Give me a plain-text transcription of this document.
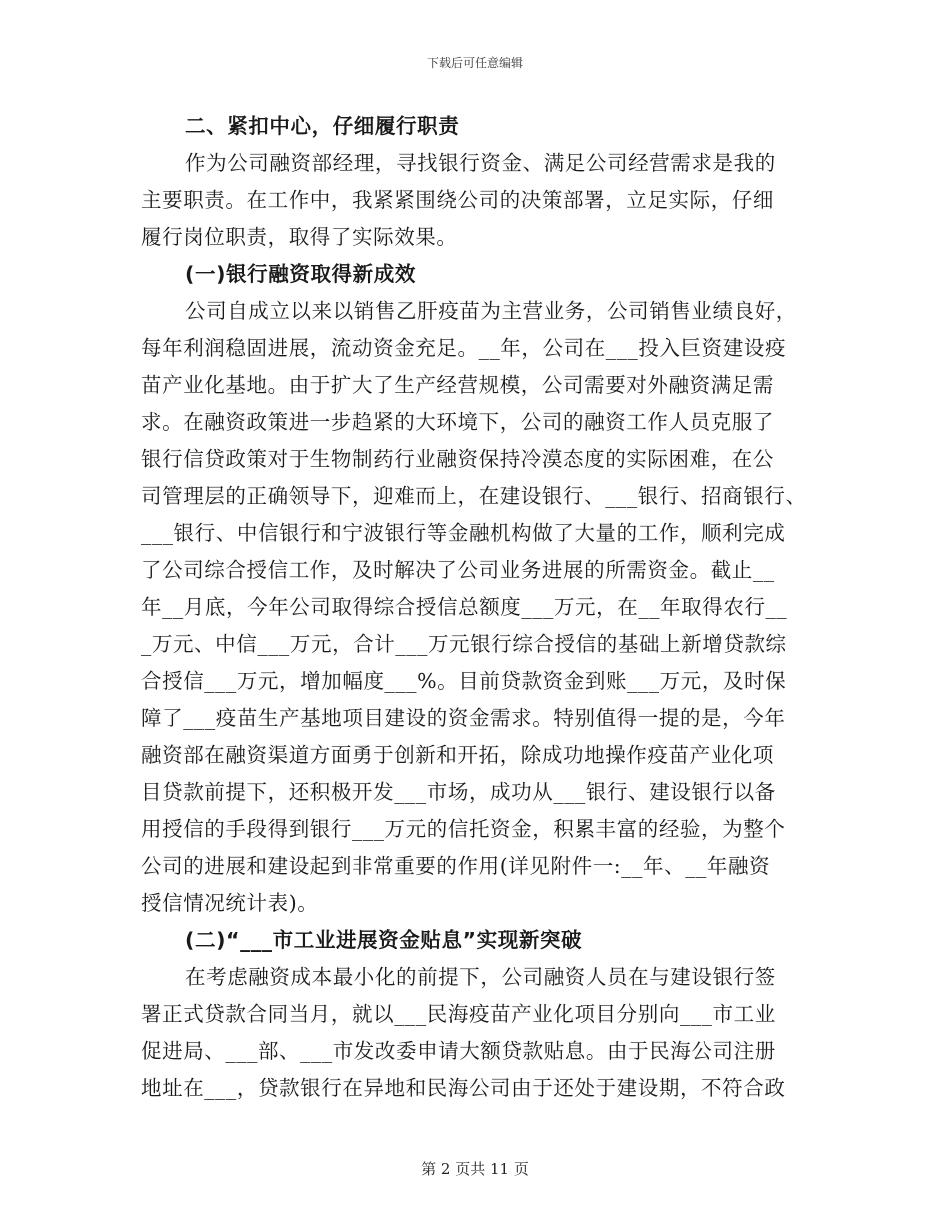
下载后可任意编辑
二、紧扣中心，仔细履行职责
作为公司融资部经理，寻找银行资金、满足公司经营需求是我的
主要职责。在工作中，我紧紧围绕公司的决策部署，立足实际，仔细
履行岗位职责，取得了实际效果。
(一)银行融资取得新成效
公司自成立以来以销售乙肝疫苗为主营业务，公司销售业绩良好，
每年利润稳固进展，流动资金充足。__年，公司在___投入巨资建设疫
苗产业化基地。由于扩大了生产经营规模，公司需要对外融资满足需
求。在融资政策进一步趋紧的大环境下，公司的融资工作人员克服了
银行信贷政策对于生物制药行业融资保持冷漠态度的实际困难，在公
司管理层的正确领导下，迎难而上，在建设银行、___银行、招商银行、
___银行、中信银行和宁波银行等金融机构做了大量的工作，顺利完成
了公司综合授信工作，及时解决了公司业务进展的所需资金。截止__
年__月底，今年公司取得综合授信总额度___万元，在__年取得农行__
_万元、中信___万元，合计___万元银行综合授信的基础上新增贷款综
合授信___万元，增加幅度___%。目前贷款资金到账___万元，及时保
障了___疫苗生产基地项目建设的资金需求。特别值得一提的是，今年
融资部在融资渠道方面勇于创新和开拓，除成功地操作疫苗产业化项
目贷款前提下，还积极开发___市场，成功从___银行、建设银行以备
用授信的手段得到银行___万元的信托资金，积累丰富的经验，为整个
公司的进展和建设起到非常重要的作用(详见附件一:__年、__年融资
授信情况统计表)。
(二)“___市工业进展资金贴息”实现新突破
在考虑融资成本最小化的前提下，公司融资人员在与建设银行签
署正式贷款合同当月，就以___民海疫苗产业化项目分别向___市工业
促进局、___部、___市发改委申请大额贷款贴息。由于民海公司注册
地址在___，贷款银行在异地和民海公司由于还处于建设期，不符合政
第 2 页共 11 页
